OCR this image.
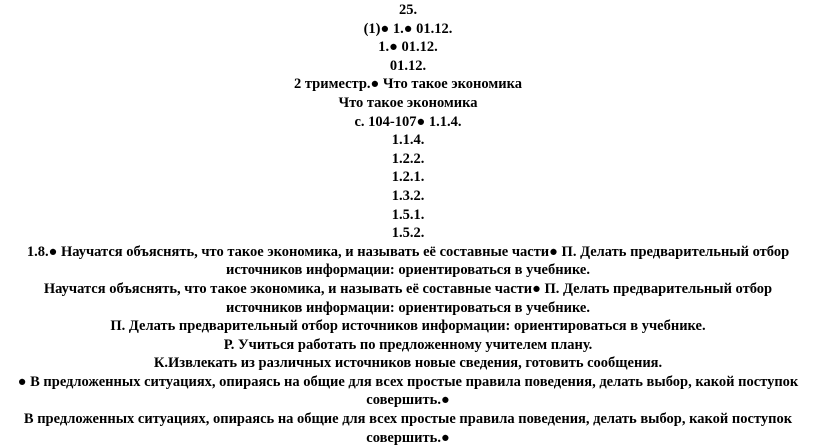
25.

(1)● 1.● 01.12.

1.● 01.12.

01.12.

2 триместр.● Что такое экономика

Что такое экономика

с. 104-107● 1.1.4.

1.1.4.

1.2.2.

1.2.1.

1.3.2.

1.5.1.

1.5.2.

1.8.● Научатся объяснять, что такое экономика, и называть её составные части● П. Делать предварительный отбор источников информации: ориентироваться в учебнике.

Научатся объяснять, что такое экономика, и называть её составные части● П. Делать предварительный отбор источников информации: ориентироваться в учебнике.

П. Делать предварительный отбор источников информации: ориентироваться в учебнике.

Р. Учиться работать по предложенному учителем плану.

К.Извлекать из различных источников новые сведения, готовить сообщения.

● В предложенных ситуациях, опираясь на общие для всех простые правила поведения, делать выбор, какой поступок совершить.●

В предложенных ситуациях, опираясь на общие для всех простые правила поведения, делать выбор, какой поступок совершить.●
